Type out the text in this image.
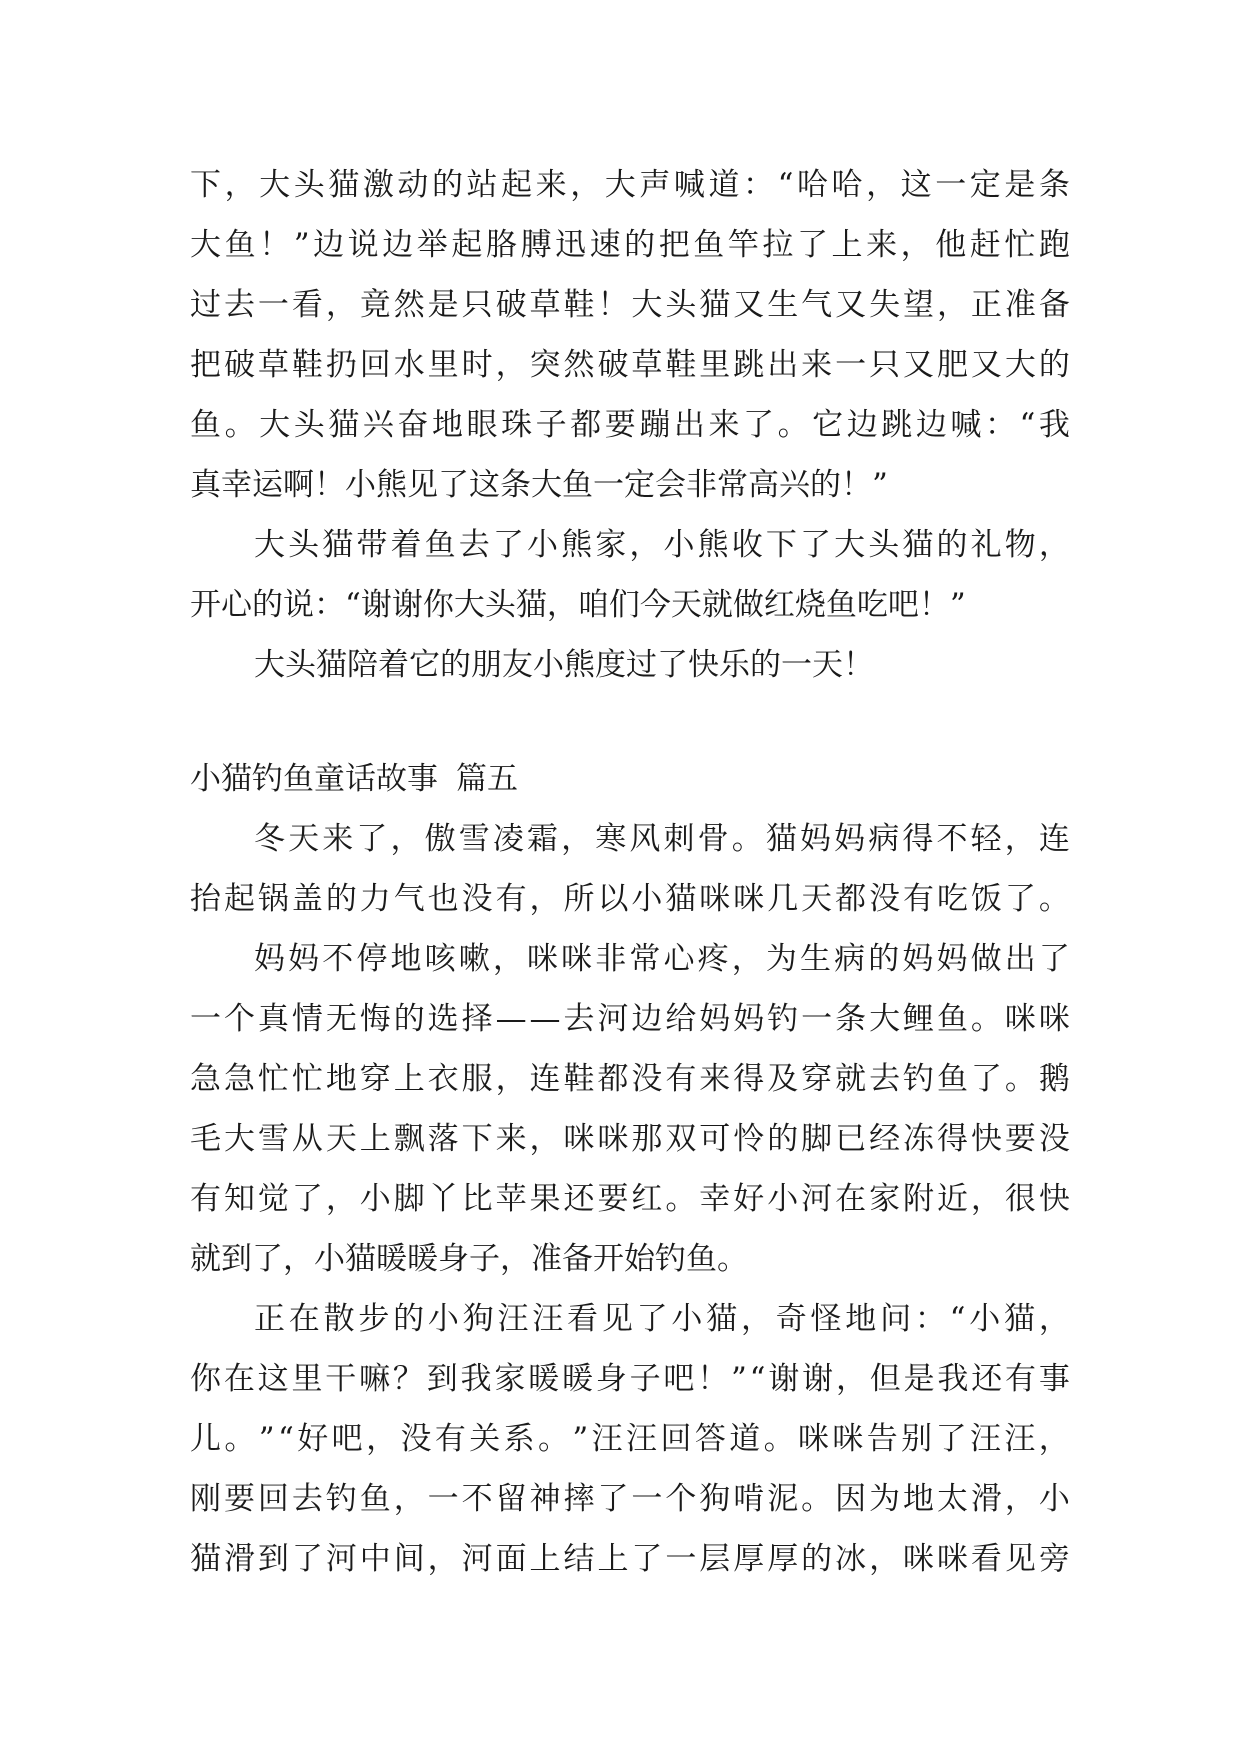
下 ， 大 头 猫 激 动 的 站 起 来 ， 大 声 喊 道 ： “ 哈 哈 ， 这 一 定 是 条
大 鱼 ！ ” 边 说 边 举 起 胳 膊 迅 速 的 把 鱼 竿 拉 了 上 来 ， 他 赶 忙 跑
过 去 一 看 ， 竟 然 是 只 破 草 鞋 ！ 大 头 猫 又 生 气 又 失 望 ， 正 准 备
把 破 草 鞋 扔 回 水 里 时 ， 突 然 破 草 鞋 里 跳 出 来 一 只 又 肥 又 大 的
鱼 。 大 头 猫 兴 奋 地 眼 珠 子 都 要 蹦 出 来 了 。 它 边 跳 边 喊 ： “ 我
真幸运啊！小熊见了这条大鱼一定会非常高兴的！”
大 头 猫 带 着 鱼 去 了 小 熊 家 ， 小 熊 收 下 了 大 头 猫 的 礼 物 ，
开心的说：“谢谢你大头猫，咱们今天就做红烧鱼吃吧！”
大头猫陪着它的朋友小熊度过了快乐的一天！
小猫钓鱼童话故事 篇五
冬 天 来 了 ， 傲 雪 凌 霜 ， 寒 风 刺 骨 。 猫 妈 妈 病 得 不 轻 ， 连
抬 起 锅 盖 的 力 气 也 没 有 ， 所 以 小 猫 咪 咪 几 天 都 没 有 吃 饭 了 。
妈 妈 不 停 地 咳 嗽 ， 咪 咪 非 常 心 疼 ， 为 生 病 的 妈 妈 做 出 了
一 个 真 情 无 悔 的 选 择 — — 去 河 边 给 妈 妈 钓 一 条 大 鲤 鱼 。 咪 咪
急 急 忙 忙 地 穿 上 衣 服 ， 连 鞋 都 没 有 来 得 及 穿 就 去 钓 鱼 了 。 鹅
毛 大 雪 从 天 上 飘 落 下 来 ， 咪 咪 那 双 可 怜 的 脚 已 经 冻 得 快 要 没
有 知 觉 了 ， 小 脚 丫 比 苹 果 还 要 红 。 幸 好 小 河 在 家 附 近 ， 很 快
就到了，小猫暖暖身子，准备开始钓鱼。
正 在 散 步 的 小 狗 汪 汪 看 见 了 小 猫 ， 奇 怪 地 问 ： “ 小 猫 ，
你 在 这 里 干 嘛 ？ 到 我 家 暖 暖 身 子 吧 ！ ” “ 谢 谢 ， 但 是 我 还 有 事
儿 。 ” “ 好 吧 ， 没 有 关 系 。 ” 汪 汪 回 答 道 。 咪 咪 告 别 了 汪 汪 ，
刚 要 回 去 钓 鱼 ， 一 不 留 神 摔 了 一 个 狗 啃 泥 。 因 为 地 太 滑 ， 小
猫 滑 到 了 河 中 间 ， 河 面 上 结 上 了 一 层 厚 厚 的 冰 ， 咪 咪 看 见 旁
